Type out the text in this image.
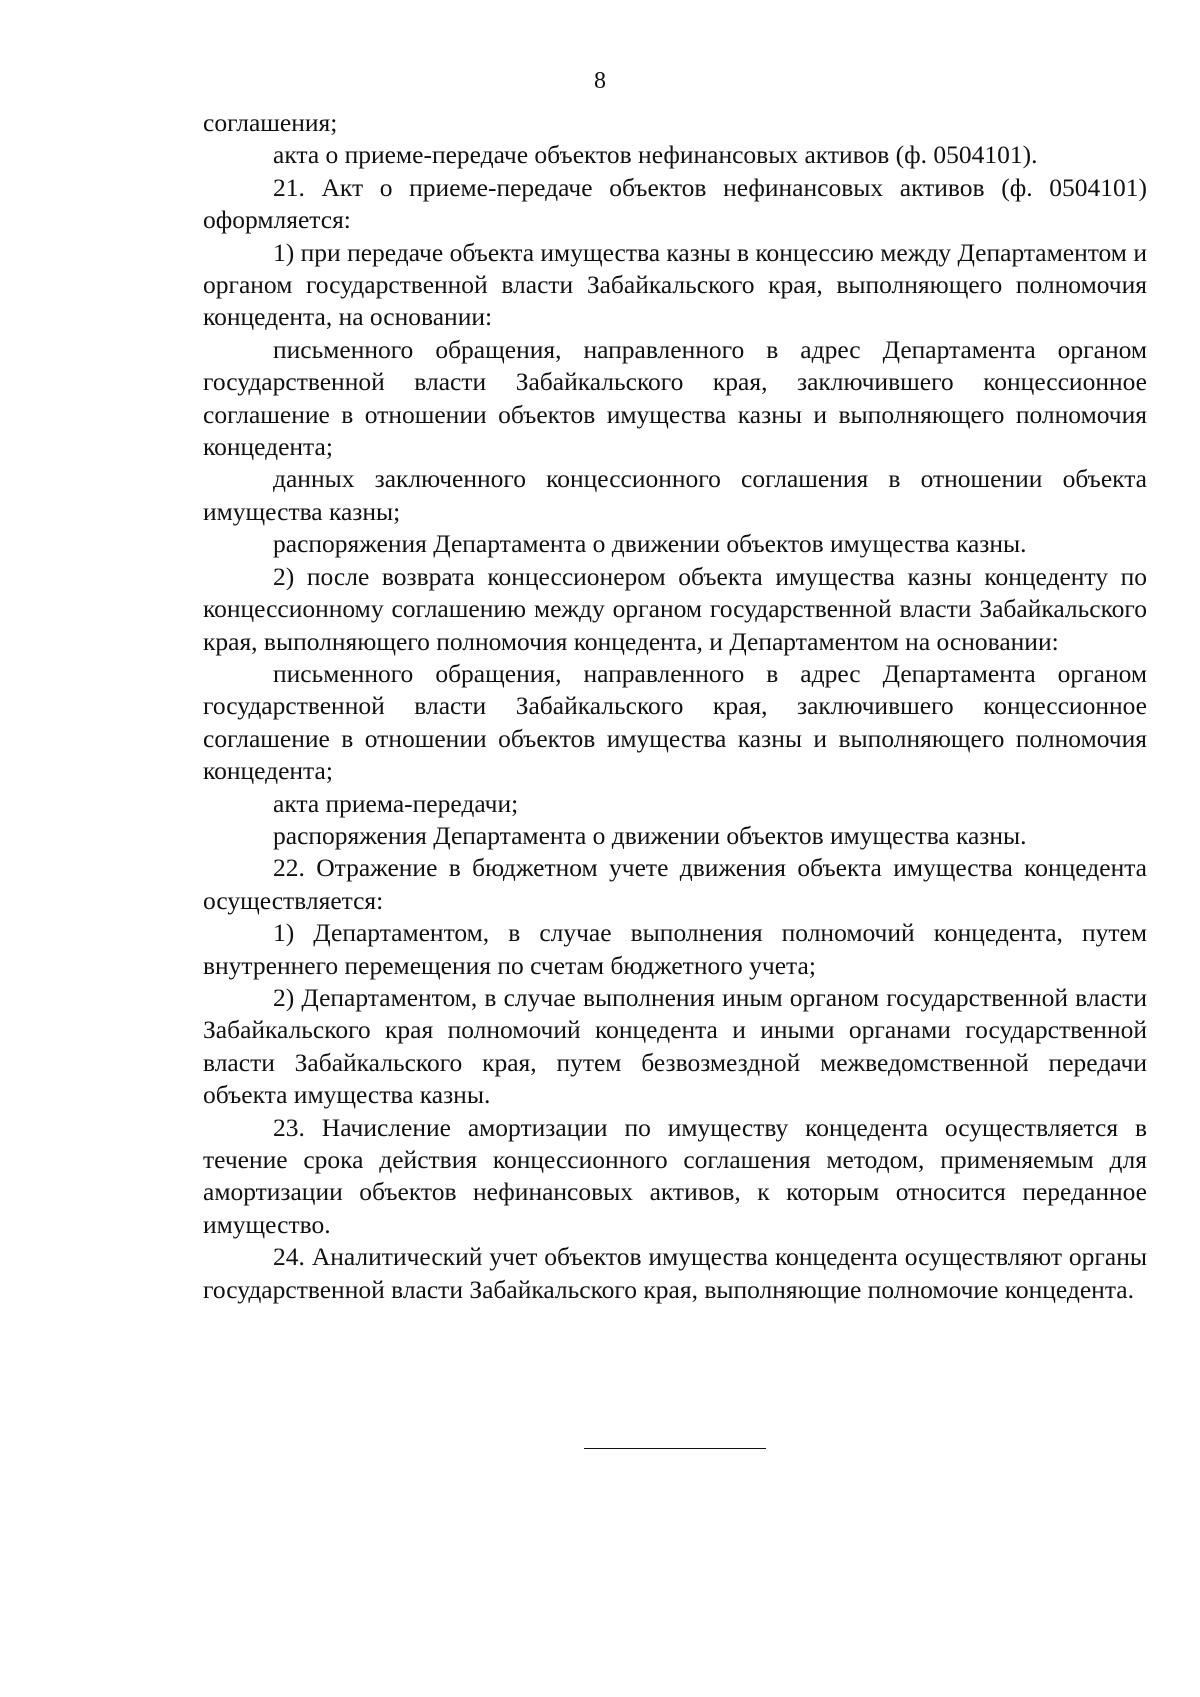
8

соглашения;

акта о приеме-передаче объектов нефинансовых активов (ф. 0504101).

21. Акт о приеме-передаче объектов нефинансовых активов (ф. 0504101) оформляется:

1) при передаче объекта имущества казны в концессию между Департаментом и органом государственной власти Забайкальского края, выполняющего полномочия концедента, на основании:

письменного обращения, направленного в адрес Департамента органом государственной власти Забайкальского края, заключившего концессионное соглашение в отношении объектов имущества казны и выполняющего полномочия концедента;

данных заключенного концессионного соглашения в отношении объекта имущества казны;

распоряжения Департамента о движении объектов имущества казны.

2) после возврата концессионером объекта имущества казны концеденту по концессионному соглашению между органом государственной власти Забайкальского края, выполняющего полномочия концедента, и Департаментом на основании:

письменного обращения, направленного в адрес Департамента органом государственной власти Забайкальского края, заключившего концессионное соглашение в отношении объектов имущества казны и выполняющего полномочия концедента;

акта приема-передачи;

распоряжения Департамента о движении объектов имущества казны.

22. Отражение в бюджетном учете движения объекта имущества концедента осуществляется:

1) Департаментом, в случае выполнения полномочий концедента, путем внутреннего перемещения по счетам бюджетного учета;

2) Департаментом, в случае выполнения иным органом государственной власти Забайкальского края полномочий концедента и иными органами государственной власти Забайкальского края, путем безвозмездной межведомственной передачи объекта имущества казны.

23. Начисление амортизации по имуществу концедента осуществляется в течение срока действия концессионного соглашения методом, применяемым для амортизации объектов нефинансовых активов, к которым относится переданное имущество.

24. Аналитический учет объектов имущества концедента осуществляют органы государственной власти Забайкальского края, выполняющие полномочие концедента.
